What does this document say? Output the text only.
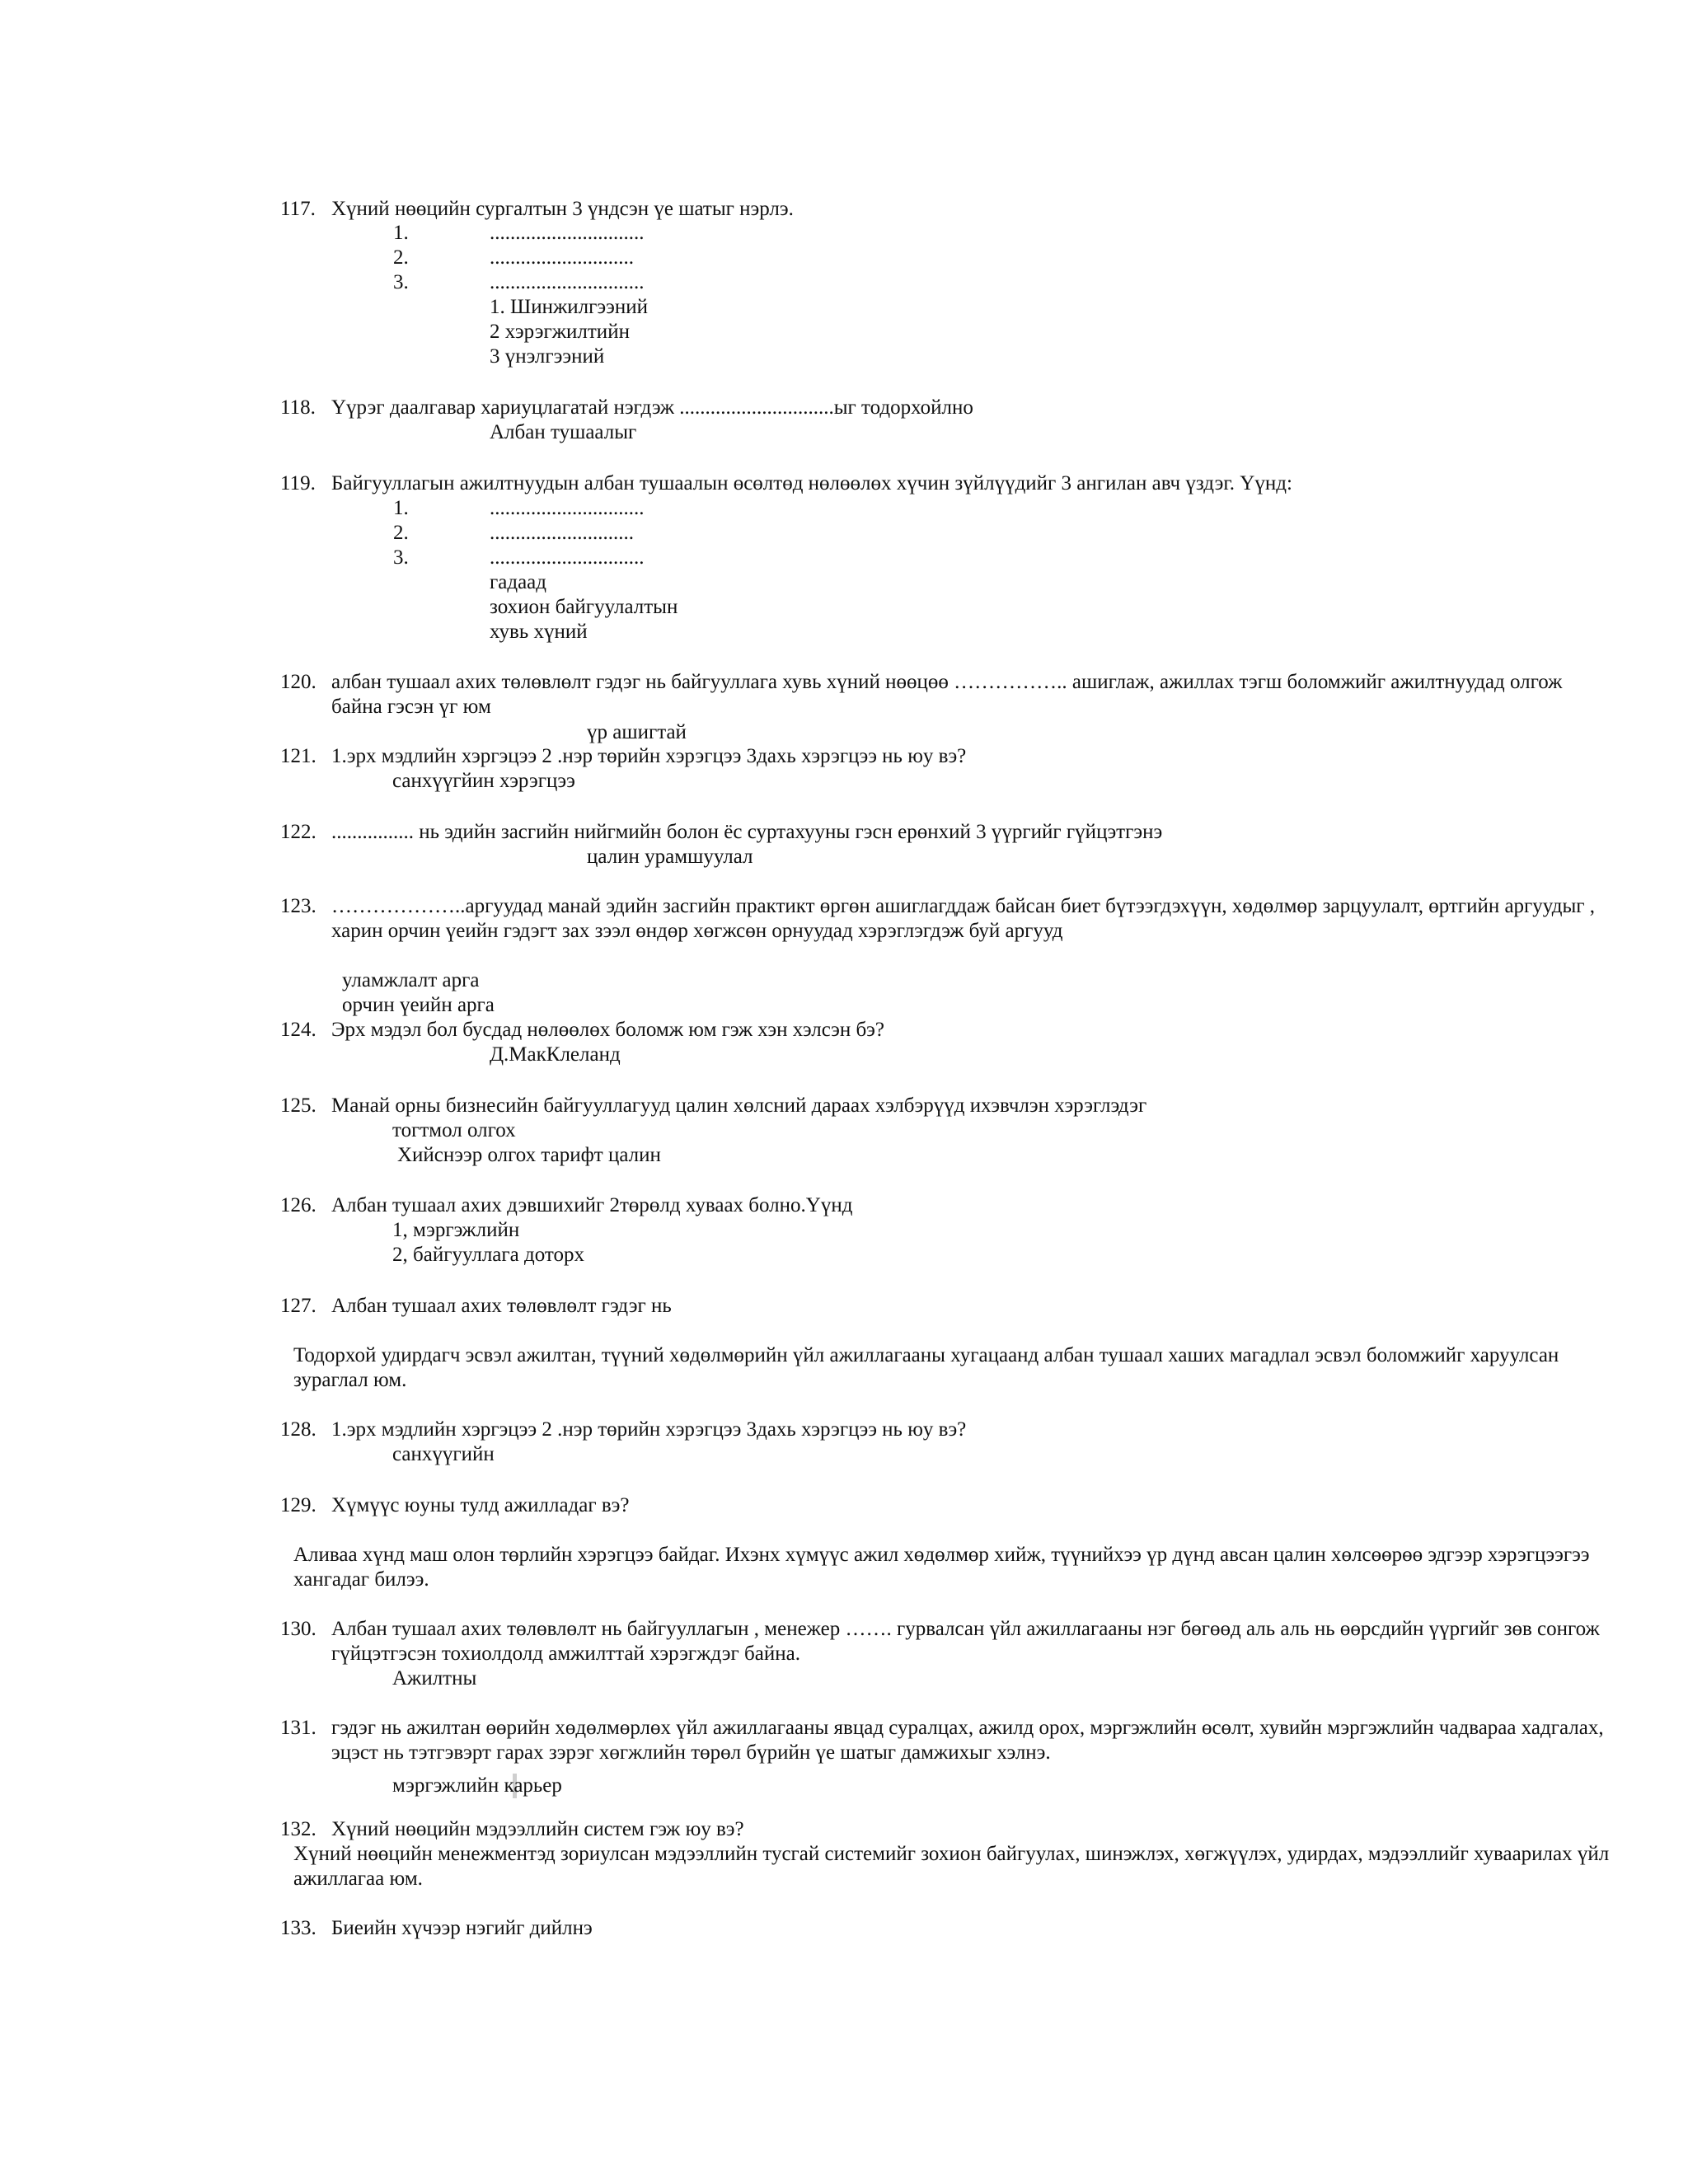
117. Хүний нөөцийн сургалтын 3 үндсэн үе шатыг нэрлэ.
1.	..............................
2.	............................
3.	..............................
1. Шинжилгээний
2 хэрэгжилтийн
3 үнэлгээний
118. Үүрэг даалгавар хариуцлагатай нэгдэж ..............................ыг тодорхойлно
Албан тушаалыг
119. Байгууллагын ажилтнуудын албан тушаалын өсөлтөд нөлөөлөх хүчин зүйлүүдийг 3 ангилан авч үздэг. Үүнд:
1.	..............................
2.	............................
3.	..............................
гадаад
зохион байгуулалтын
хувь хүний
120. албан тушаал ахих төлөвлөлт гэдэг нь байгууллага хувь хүний нөөцөө …………….. ашиглаж, ажиллах тэгш боломжийг ажилтнуудад олгож байна гэсэн үг юм
үр ашигтай
121. 1.эрх мэдлийн хэргэцээ 2 .нэр төрийн хэрэгцээ 3дахь хэрэгцээ нь юу вэ?
санхүүгйин хэрэгцээ
122. ................ нь эдийн засгийн нийгмийн болон ёс суртахууны гэсн ерөнхий 3 үүргийг гүйцэтгэнэ
цалин урамшуулал
123. ………………..аргуудад манай эдийн засгийн практикт өргөн ашиглагддаж байсан биет бүтээгдэхүүн, хөдөлмөр зарцуулалт, өртгийн аргуудыг , харин орчин үеийн гэдэгт зах зээл өндөр хөгжсөн орнуудад хэрэглэгдэж буй аргууд
уламжлалт арга
орчин үеийн арга
124. Эрх мэдэл бол бусдад нөлөөлөх боломж юм гэж хэн хэлсэн бэ?
Д.МакКлеланд
125. Манай орны бизнесийн байгууллагууд цалин хөлсний дараах хэлбэрүүд ихэвчлэн хэрэглэдэг
тогтмол олгох
Хийснээр олгох тарифт цалин
126. Албан тушаал ахих дэвшихийг 2төрөлд хуваах болно.Үүнд
1, мэргэжлийн
2, байгууллага доторх
127. Албан тушаал ахих төлөвлөлт гэдэг нь
Тодорхой удирдагч эсвэл ажилтан, түүний хөдөлмөрийн үйл ажиллагааны хугацаанд албан тушаал хаших магадлал эсвэл боломжийг харуулсан зураглал юм.
128. 1.эрх мэдлийн хэргэцээ 2 .нэр төрийн хэрэгцээ 3дахь хэрэгцээ нь юу вэ?
санхүүгийн
129. Хүмүүс юуны тулд ажилладаг вэ?
Аливаа хүнд маш олон төрлийн хэрэгцээ байдаг. Ихэнх хүмүүс ажил хөдөлмөр хийж, түүнийхээ үр дүнд авсан цалин хөлсөөрөө эдгээр хэрэгцээгээ хангадаг билээ.
130. Албан тушаал ахих төлөвлөлт нь байгууллагын , менежер ……. гурвалсан үйл ажиллагааны нэг бөгөөд аль аль нь өөрсдийн үүргийг зөв сонгож гүйцэтгэсэн тохиолдолд амжилттай хэрэгждэг байна.
Ажилтны
131. гэдэг нь ажилтан өөрийн хөдөлмөрлөх үйл ажиллагааны явцад суралцах, ажилд орох, мэргэжлийн өсөлт, хувийн мэргэжлийн чадвараа хадгалах, эцэст нь тэтгэвэрт гарах зэрэг хөгжлийн төрөл бүрийн үе шатыг дамжихыг хэлнэ.
мэргэжлийн карьер
132. Хүний нөөцийн мэдээллийн систем гэж юу вэ?
Хүний нөөцийн менежментэд зориулсан мэдээллийн тусгай системийг зохион байгуулах, шинэжлэх, хөгжүүлэх, удирдах, мэдээллийг хуваарилах үйл ажиллагаа юм.
133. Биеийн хүчээр нэгийг дийлнэ
